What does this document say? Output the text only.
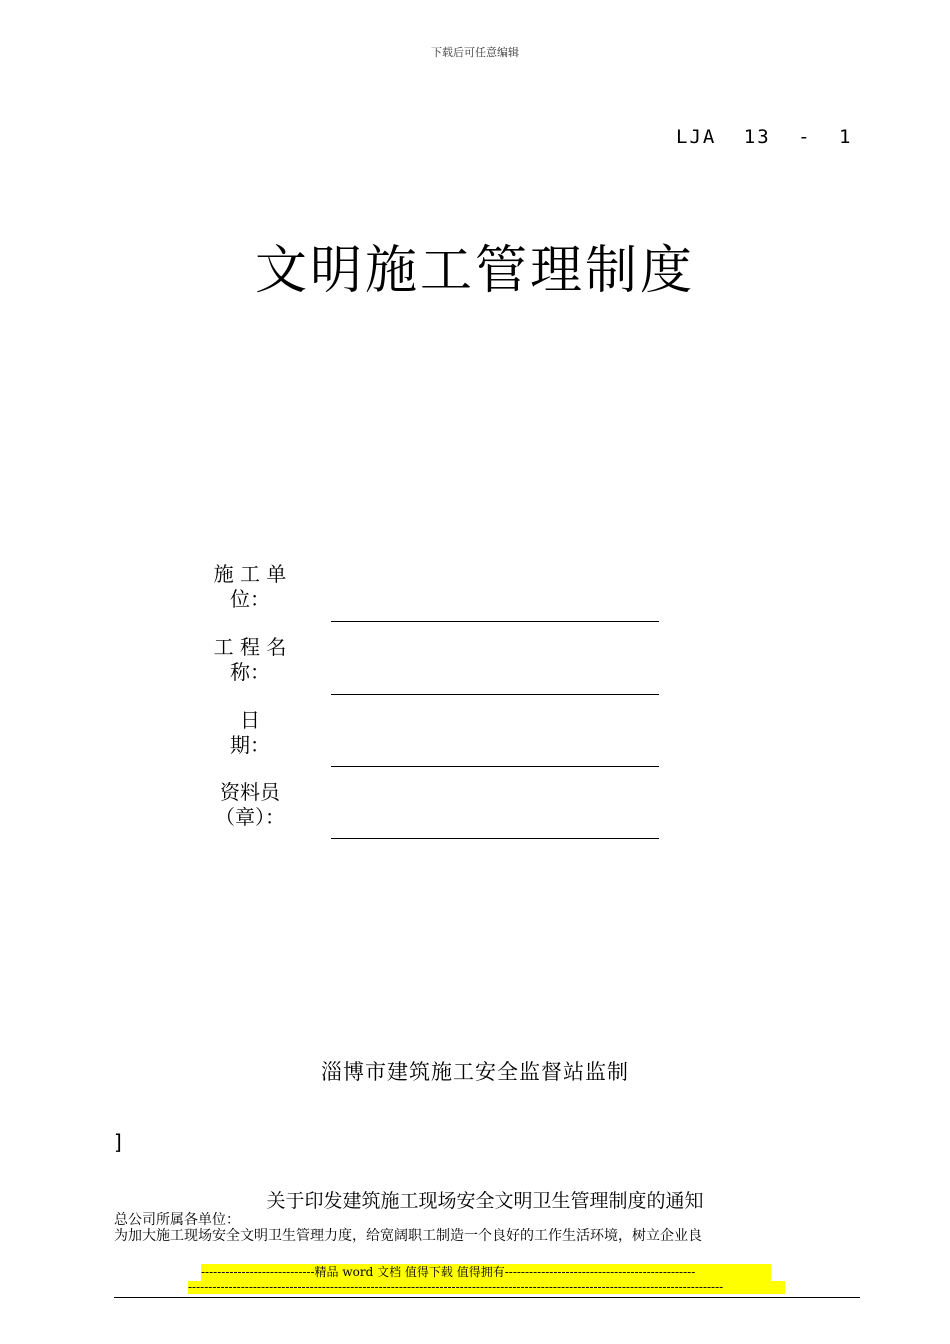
下载后可任意编辑
LJA 13 - 1
文明施工管理制度
施 工 单 位：
工 程 名 称：
日 期：
资料员（章）：
淄博市建筑施工安全监督站监制
]
关于印发建筑施工现场安全文明卫生管理制度的通知
总公司所属各单位：
为加大施工现场安全文明卫生管理力度，给宽阔职工制造一个良好的工作生活环境，树立企业良
----------------------------精品 word 文档 值得下载 值得拥有-----------------------------------------------
------------------------------------------------------------------------------------------------------------------------------------
